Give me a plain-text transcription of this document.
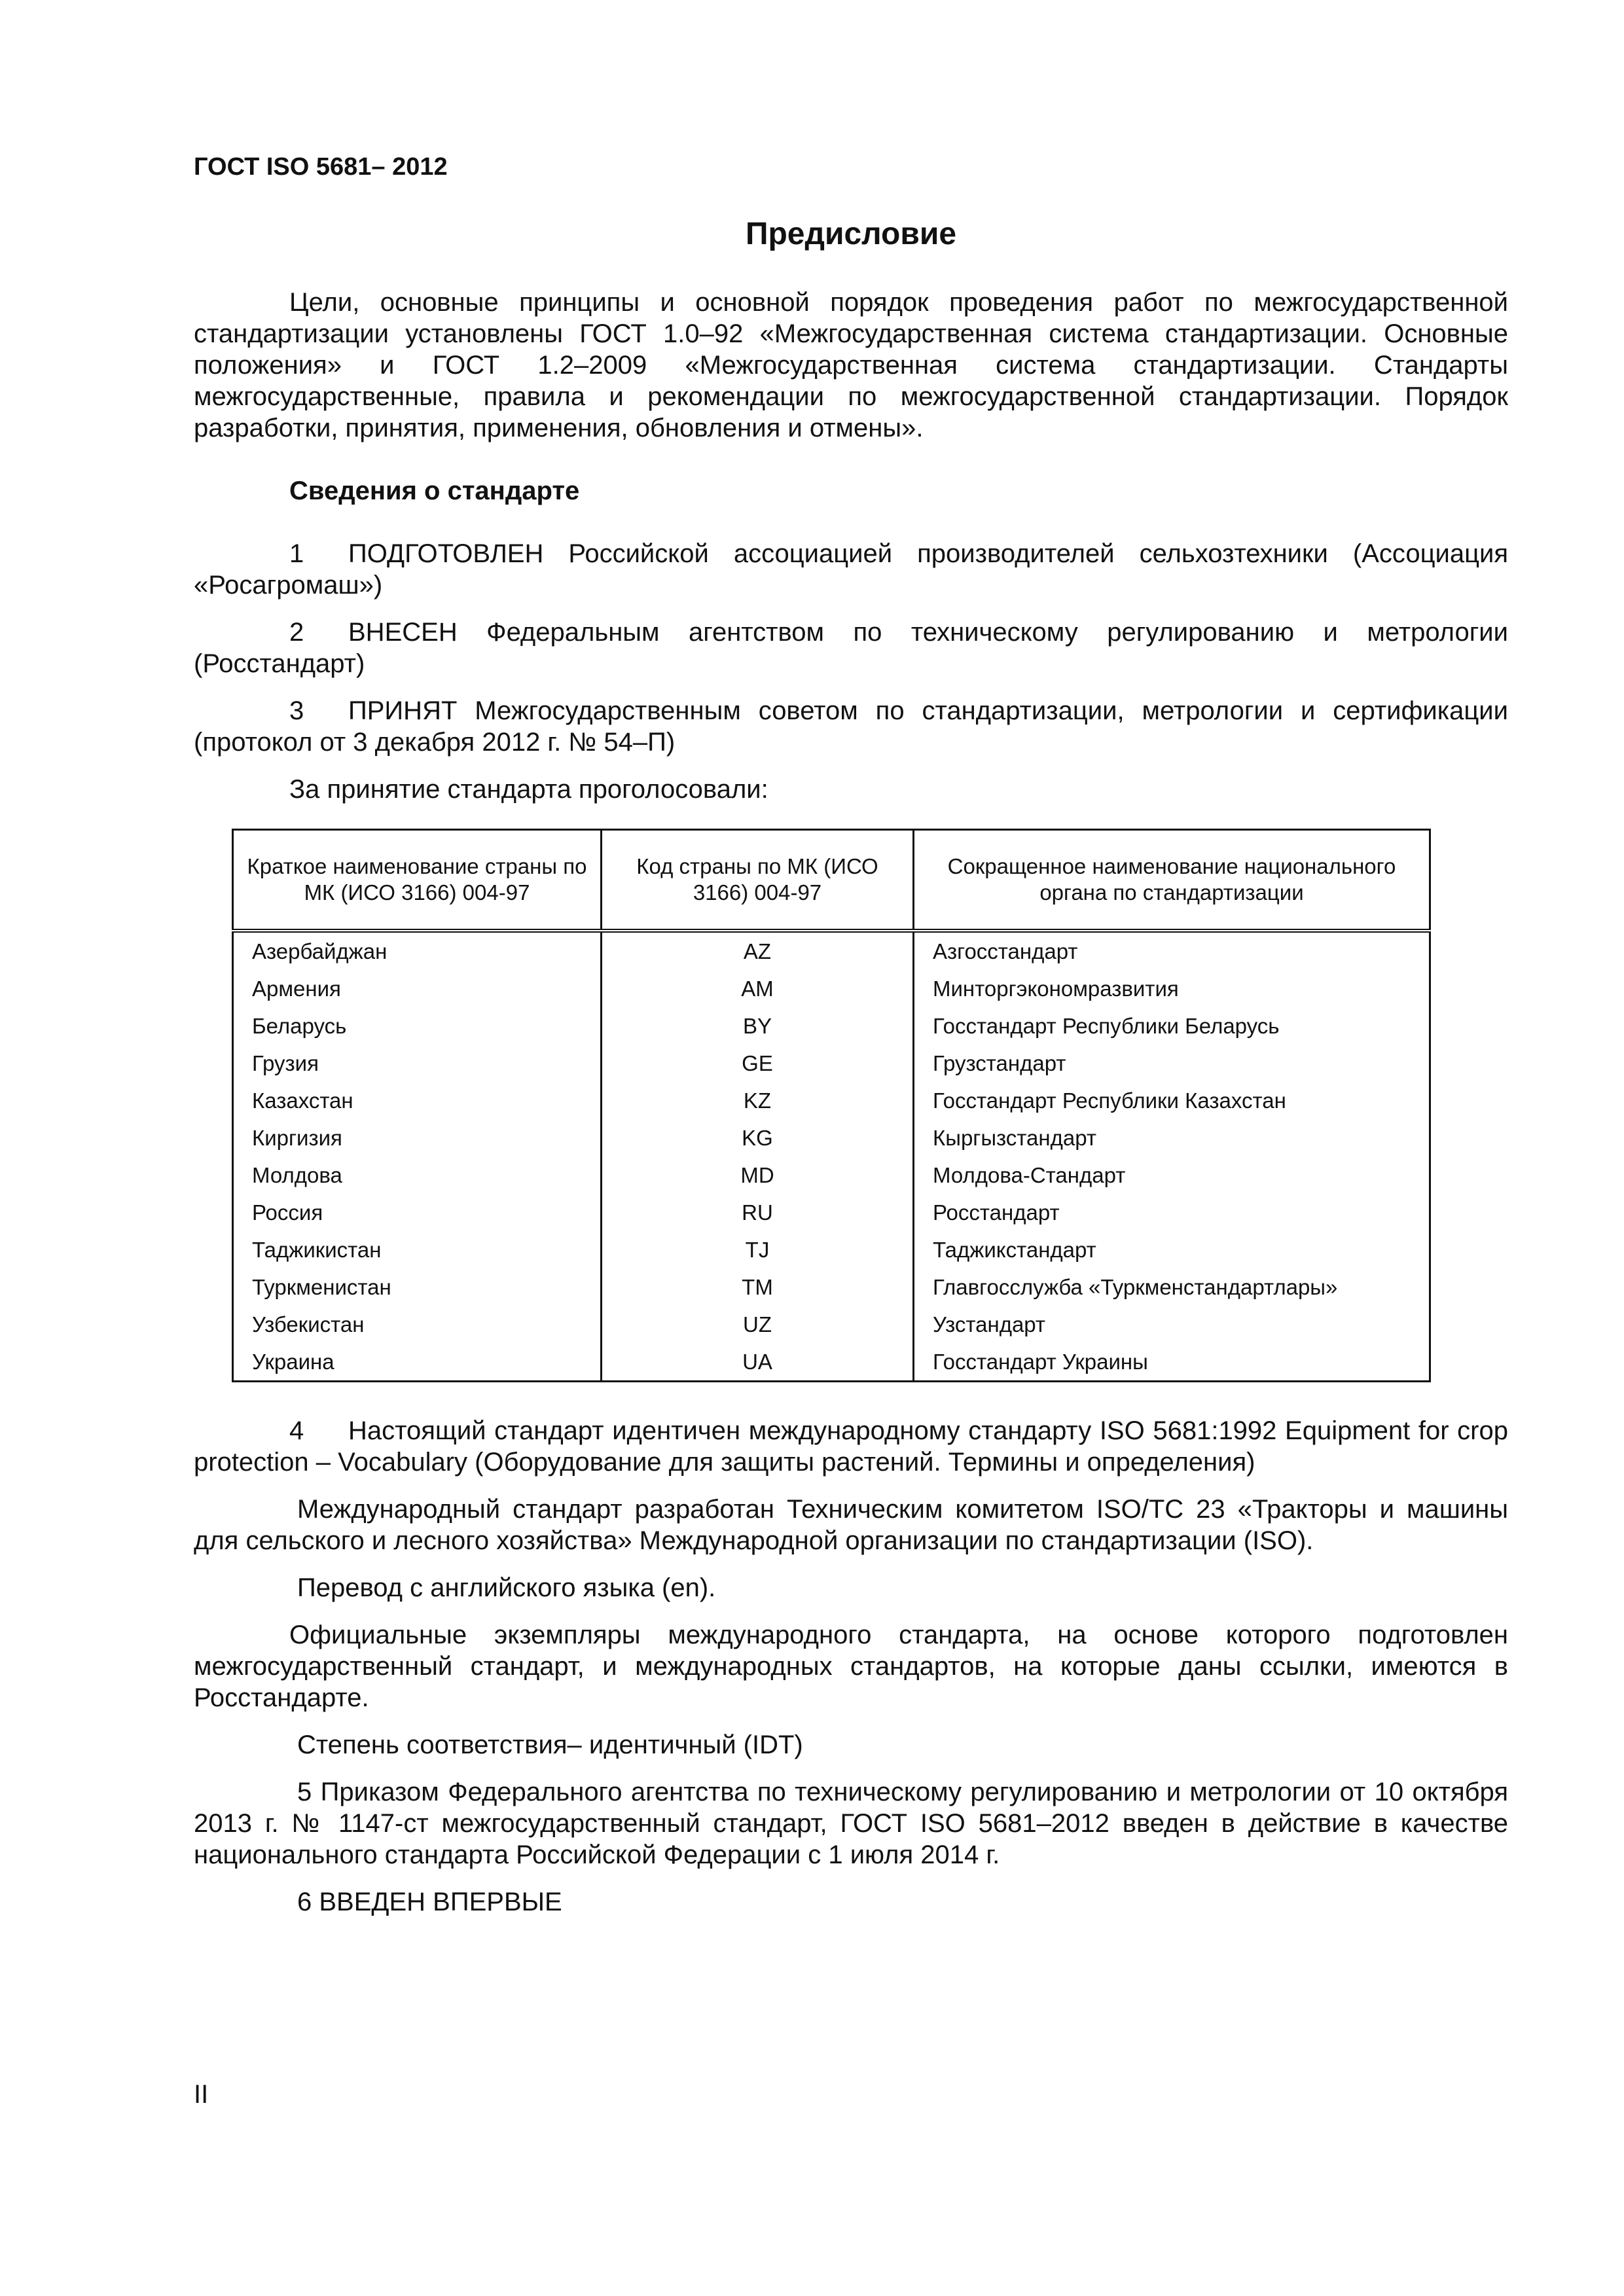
ГОСТ ISO 5681– 2012
Предисловие

Цели, основные принципы и основной порядок проведения работ по межгосударственной стандартизации установлены ГОСТ 1.0–92 «Межгосударственная система стандартизации. Основные положения» и ГОСТ 1.2–2009 «Межгосударственная система стандартизации. Стандарты межгосударственные, правила и рекомендации по межгосударственной стандартизации. Порядок разработки, принятия, применения, обновления и отмены».

Сведения о стандарте

1 ПОДГОТОВЛЕН Российской ассоциацией производителей сельхозтехники (Ассоциация «Росагромаш»)

2 ВНЕСЕН Федеральным агентством по техническому регулированию и метрологии (Росстандарт)

3 ПРИНЯТ Межгосударственным советом по стандартизации, метрологии и сертификации (протокол от 3 декабря 2012 г. № 54–П)

За принятие стандарта проголосовали:

Краткое наименование страны по МК (ИСО 3166) 004-97	Код страны по МК (ИСО 3166) 004-97	Сокращенное наименование национального органа по стандартизации
Азербайджан	AZ	Азгосстандарт
Армения	AM	Минторгэкономразвития
Беларусь	BY	Госстандарт Республики Беларусь
Грузия	GE	Грузстандарт
Казахстан	KZ	Госстандарт Республики Казахстан
Киргизия	KG	Кыргызстандарт
Молдова	MD	Молдова-Стандарт
Россия	RU	Росстандарт
Таджикистан	TJ	Таджикстандарт
Туркменистан	TM	Главгосслужба «Туркменстандартлары»
Узбекистан	UZ	Узстандарт
Украина	UA	Госстандарт Украины

4 Настоящий стандарт идентичен международному стандарту ISO 5681:1992 Equipment for crop protection – Vocabulary (Оборудование для защиты растений. Термины и определения)

Международный стандарт разработан Техническим комитетом ISO/TC 23 «Тракторы и машины для сельского и лесного хозяйства» Международной организации по стандартизации (ISO).

Перевод с английского языка (en).

Официальные экземпляры международного стандарта, на основе которого подготовлен межгосударственный стандарт, и международных стандартов, на которые даны ссылки, имеются в Росстандарте.

Степень соответствия– идентичный (IDT)

5 Приказом Федерального агентства по техническому регулированию и метрологии от 10 октября 2013 г. № 1147-ст межгосударственный стандарт, ГОСТ ISO 5681–2012 введен в действие в качестве национального стандарта Российской Федерации с 1 июля 2014 г.

6 ВВЕДЕН ВПЕРВЫЕ

II
